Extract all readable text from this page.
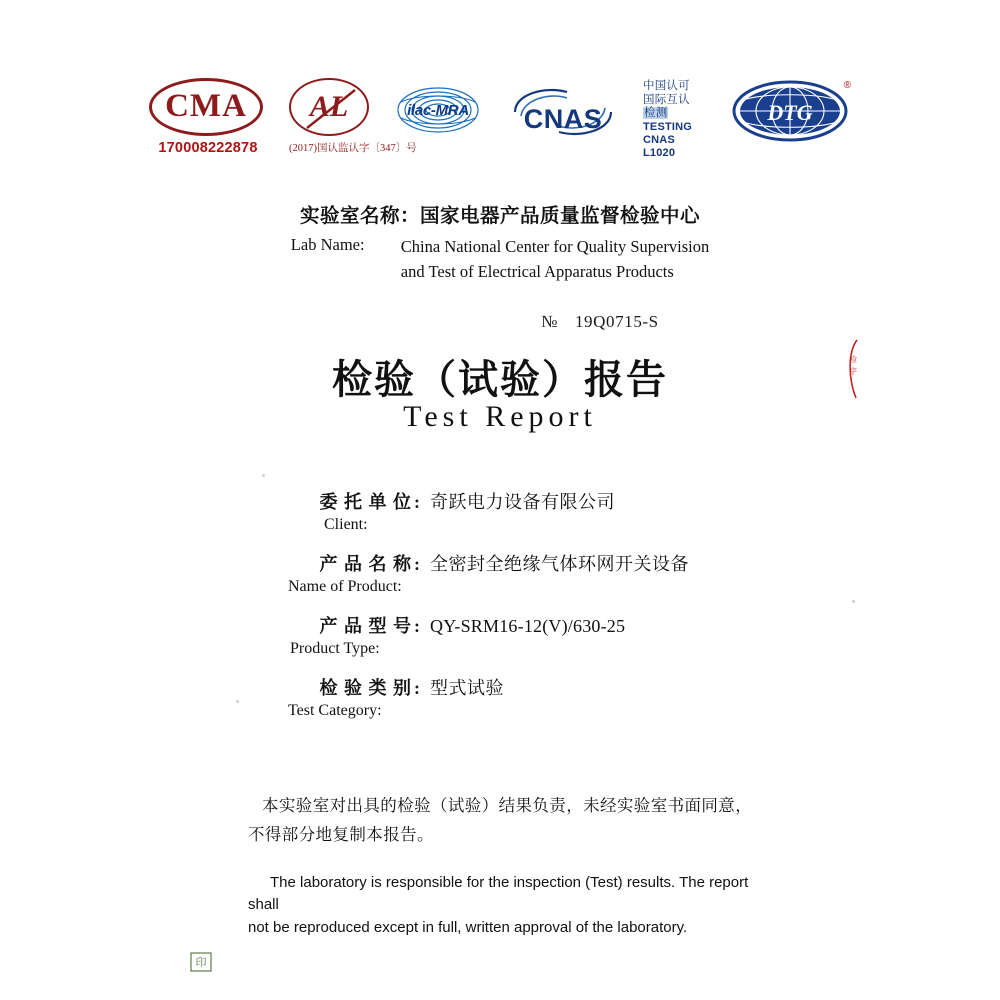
CMA
170008222878
AL
(2017)国认监认字〔347〕号
ilac-MRA	CNAS
中国认可
国际互认
检测
TESTING
CNAS L1020
DTG
®
实验室名称：国家电器产品质量监督检验中心
Lab Name:	China National Center for Quality Supervision
and Test of Electrical Apparatus Products
№ 19Q0715-S
检验（试验）报告
Test Report
检
字
委 托 单 位 : 奇跃电力设备有限公司
Client:
产 品 名 称 : 全密封全绝缘气体环网开关设备
Name of Product:
产 品 型 号 : QY-SRM16-12(V)/630-25
Product Type:
检 验 类 别 : 型式试验
Test Category:
本实验室对出具的检验（试验）结果负责，未经实验室书面同意，
不得部分地复制本报告。
The laboratory is responsible for the inspection (Test) results. The report shall
not be reproduced except in full, written approval of the laboratory.
印
